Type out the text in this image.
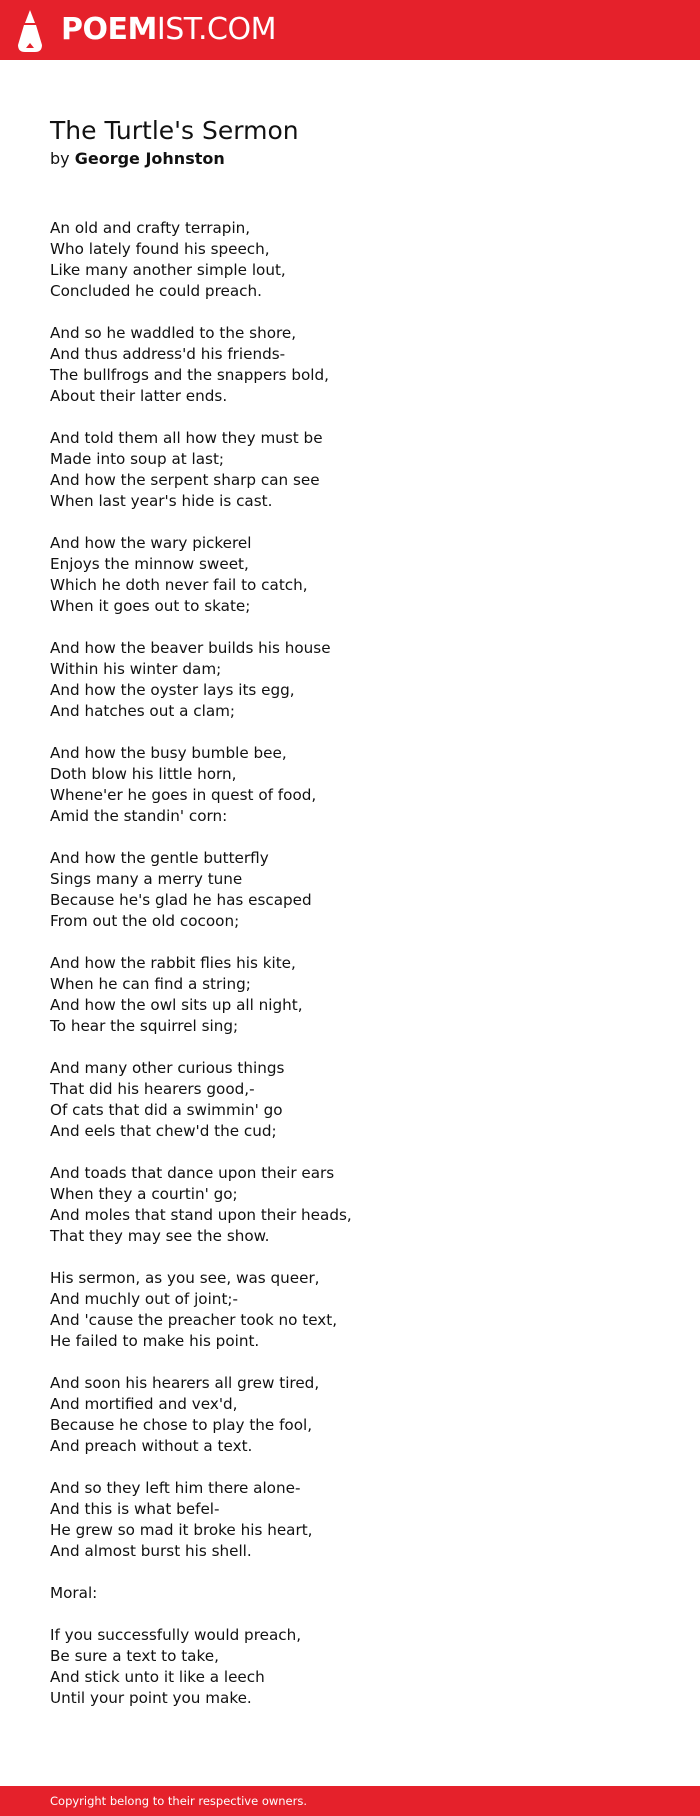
POEMIST.COM
The Turtle's Sermon
by George Johnston
An old and crafty terrapin,
Who lately found his speech,
Like many another simple lout,
Concluded he could preach.
And so he waddled to the shore,
And thus address'd his friends-
The bullfrogs and the snappers bold,
About their latter ends.
And told them all how they must be
Made into soup at last;
And how the serpent sharp can see
When last year's hide is cast.
And how the wary pickerel
Enjoys the minnow sweet,
Which he doth never fail to catch,
When it goes out to skate;
And how the beaver builds his house
Within his winter dam;
And how the oyster lays its egg,
And hatches out a clam;
And how the busy bumble bee,
Doth blow his little horn,
Whene'er he goes in quest of food,
Amid the standin' corn:
And how the gentle butterfly
Sings many a merry tune
Because he's glad he has escaped
From out the old cocoon;
And how the rabbit flies his kite,
When he can find a string;
And how the owl sits up all night,
To hear the squirrel sing;
And many other curious things
That did his hearers good,-
Of cats that did a swimmin' go
And eels that chew'd the cud;
And toads that dance upon their ears
When they a courtin' go;
And moles that stand upon their heads,
That they may see the show.
His sermon, as you see, was queer,
And muchly out of joint;-
And 'cause the preacher took no text,
He failed to make his point.
And soon his hearers all grew tired,
And mortified and vex'd,
Because he chose to play the fool,
And preach without a text.
And so they left him there alone-
And this is what befel-
He grew so mad it broke his heart,
And almost burst his shell.
Moral:
If you successfully would preach,
Be sure a text to take,
And stick unto it like a leech
Until your point you make.
Copyright belong to their respective owners.
